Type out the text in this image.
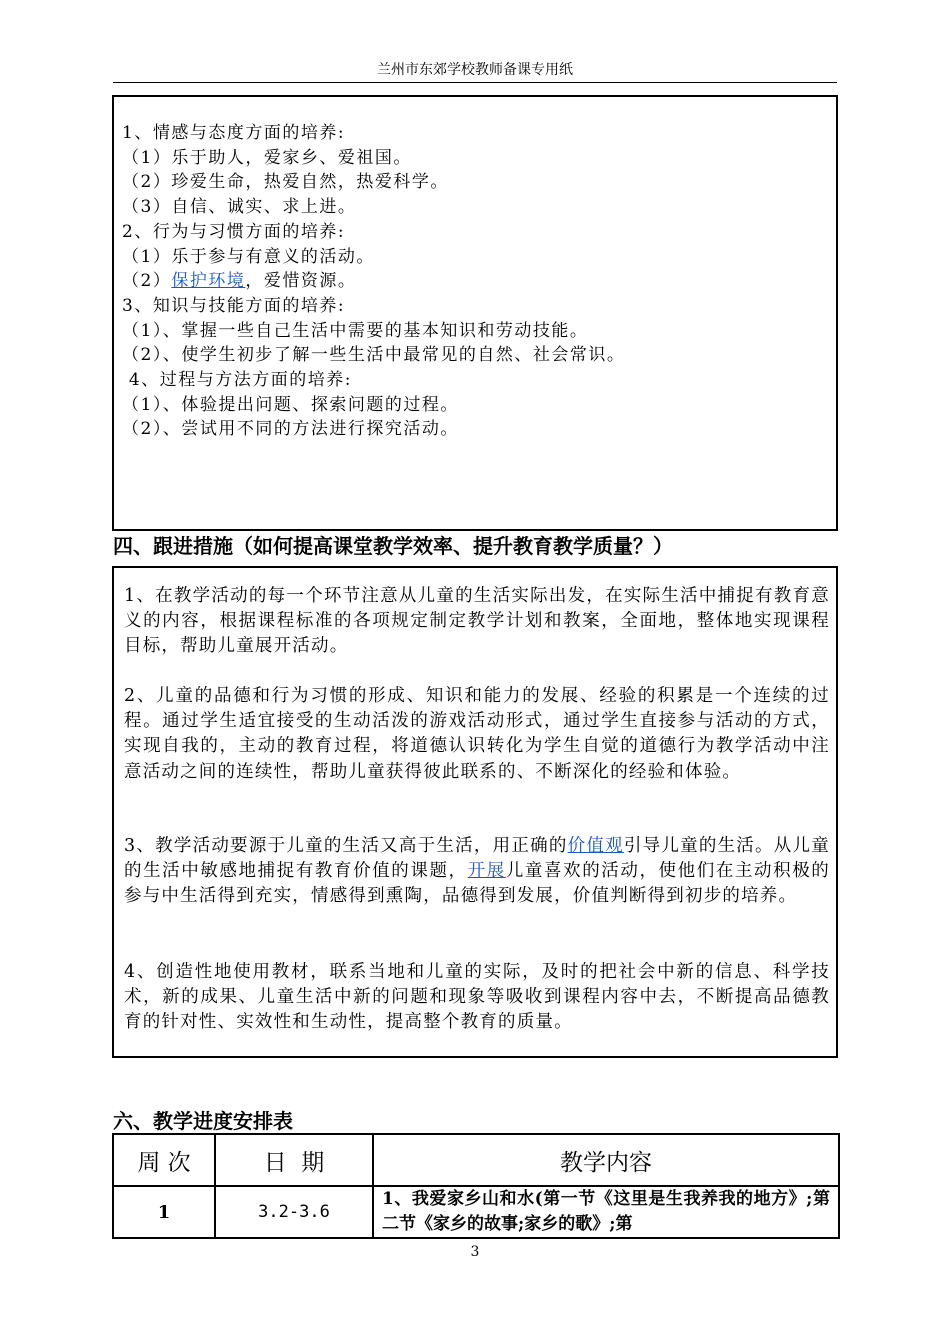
兰州市东郊学校教师备课专用纸
1、情感与态度方面的培养:
（1）乐于助人，爱家乡、爱祖国。
（2）珍爱生命，热爱自然，热爱科学。
（3）自信、诚实、求上进。
2、行为与习惯方面的培养:
（1）乐于参与有意义的活动。
（2）保护环境，爱惜资源。
3、知识与技能方面的培养:
（1）、掌握一些自己生活中需要的基本知识和劳动技能。
（2）、使学生初步了解一些生活中最常见的自然、社会常识。
4、过程与方法方面的培养:
（1）、体验提出问题、探索问题的过程。
（2）、尝试用不同的方法进行探究活动。
四、跟进措施（如何提高课堂教学效率、提升教育教学质量？）
1、在教学活动的每一个环节注意从儿童的生活实际出发，在实际生活中捕捉有教育意义的内容，根据课程标准的各项规定制定教学计划和教案，全面地，整体地实现课程目标，帮助儿童展开活动。
2、儿童的品德和行为习惯的形成、知识和能力的发展、经验的积累是一个连续的过程。通过学生适宜接受的生动活泼的游戏活动形式，通过学生直接参与活动的方式，实现自我的，主动的教育过程，将道德认识转化为学生自觉的道德行为教学活动中注意活动之间的连续性，帮助儿童获得彼此联系的、不断深化的经验和体验。
3、教学活动要源于儿童的生活又高于生活，用正确的价值观引导儿童的生活。从儿童的生活中敏感地捕捉有教育价值的课题，开展儿童喜欢的活动，使他们在主动积极的参与中生活得到充实，情感得到熏陶，品德得到发展，价值判断得到初步的培养。
4、创造性地使用教材，联系当地和儿童的实际，及时的把社会中新的信息、科学技术，新的成果、儿童生活中新的问题和现象等吸收到课程内容中去，不断提高品德教育的针对性、实效性和生动性，提高整个教育的质量。
六、教学进度安排表
周 次	日  期	教学内容
1	3.2-3.6	1、我爱家乡山和水(第一节《这里是生我养我的地方》;第二节《家乡的故事;家乡的歌》;第
3
